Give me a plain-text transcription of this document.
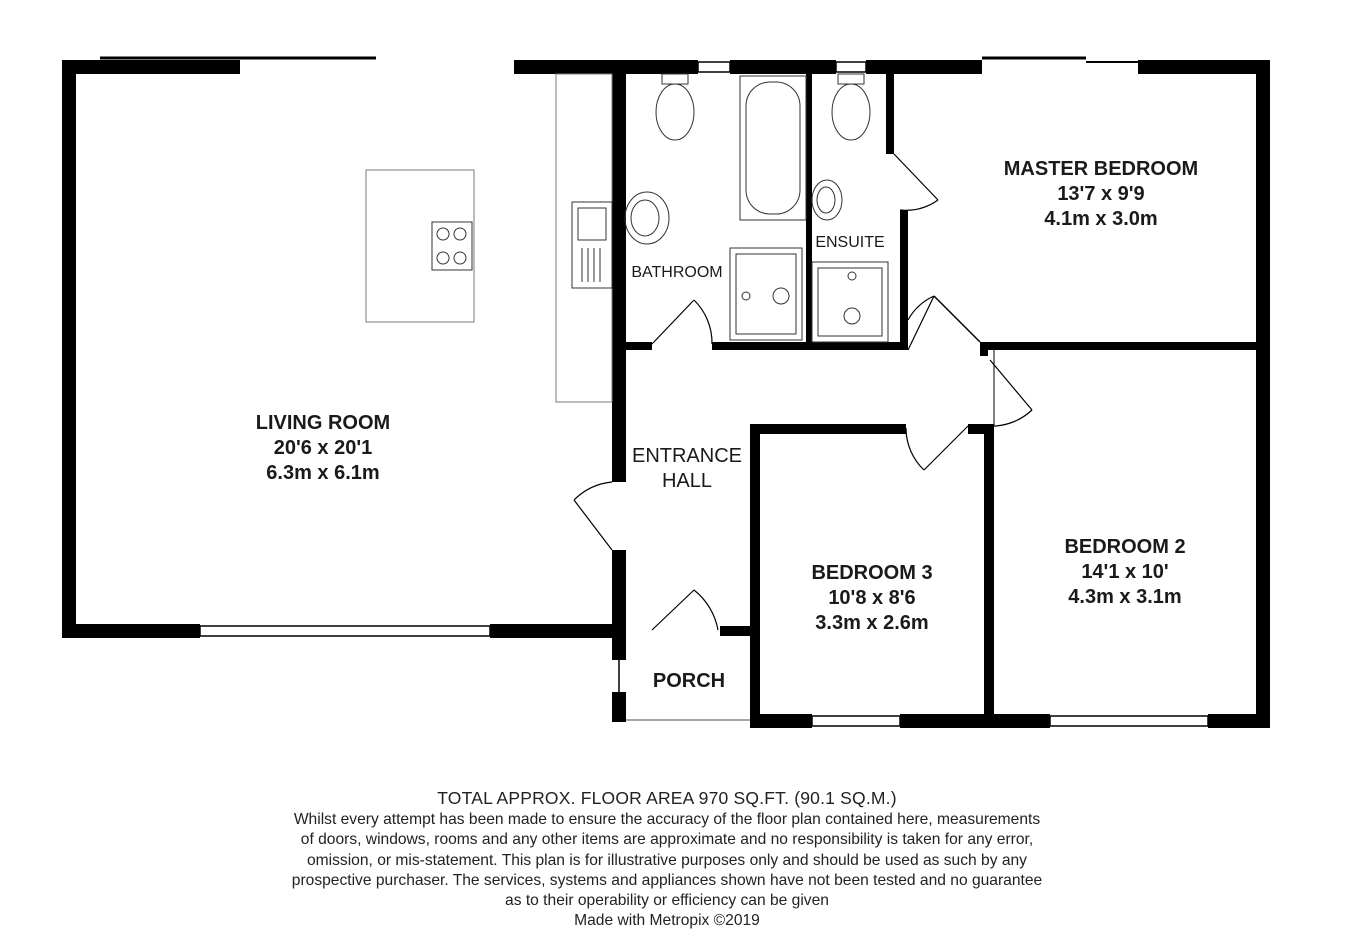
LIVING ROOM
20'6 x 20'1
6.3m x 6.1m
MASTER BEDROOM
13'7 x 9'9
4.1m x 3.0m
BEDROOM 2
14'1 x 10'
4.3m x 3.1m
BEDROOM 3
10'8 x 8'6
3.3m x 2.6m
BATHROOM
ENSUITE
ENTRANCE
HALL
PORCH
TOTAL APPROX. FLOOR AREA 970 SQ.FT. (90.1 SQ.M.)
Whilst every attempt has been made to ensure the accuracy of the floor plan contained here, measurements
of doors, windows, rooms and any other items are approximate and no responsibility is taken for any error,
omission, or mis-statement. This plan is for illustrative purposes only and should be used as such by any
prospective purchaser. The services, systems and appliances shown have not been tested and no guarantee
as to their operability or efficiency can be given
Made with Metropix ©2019
